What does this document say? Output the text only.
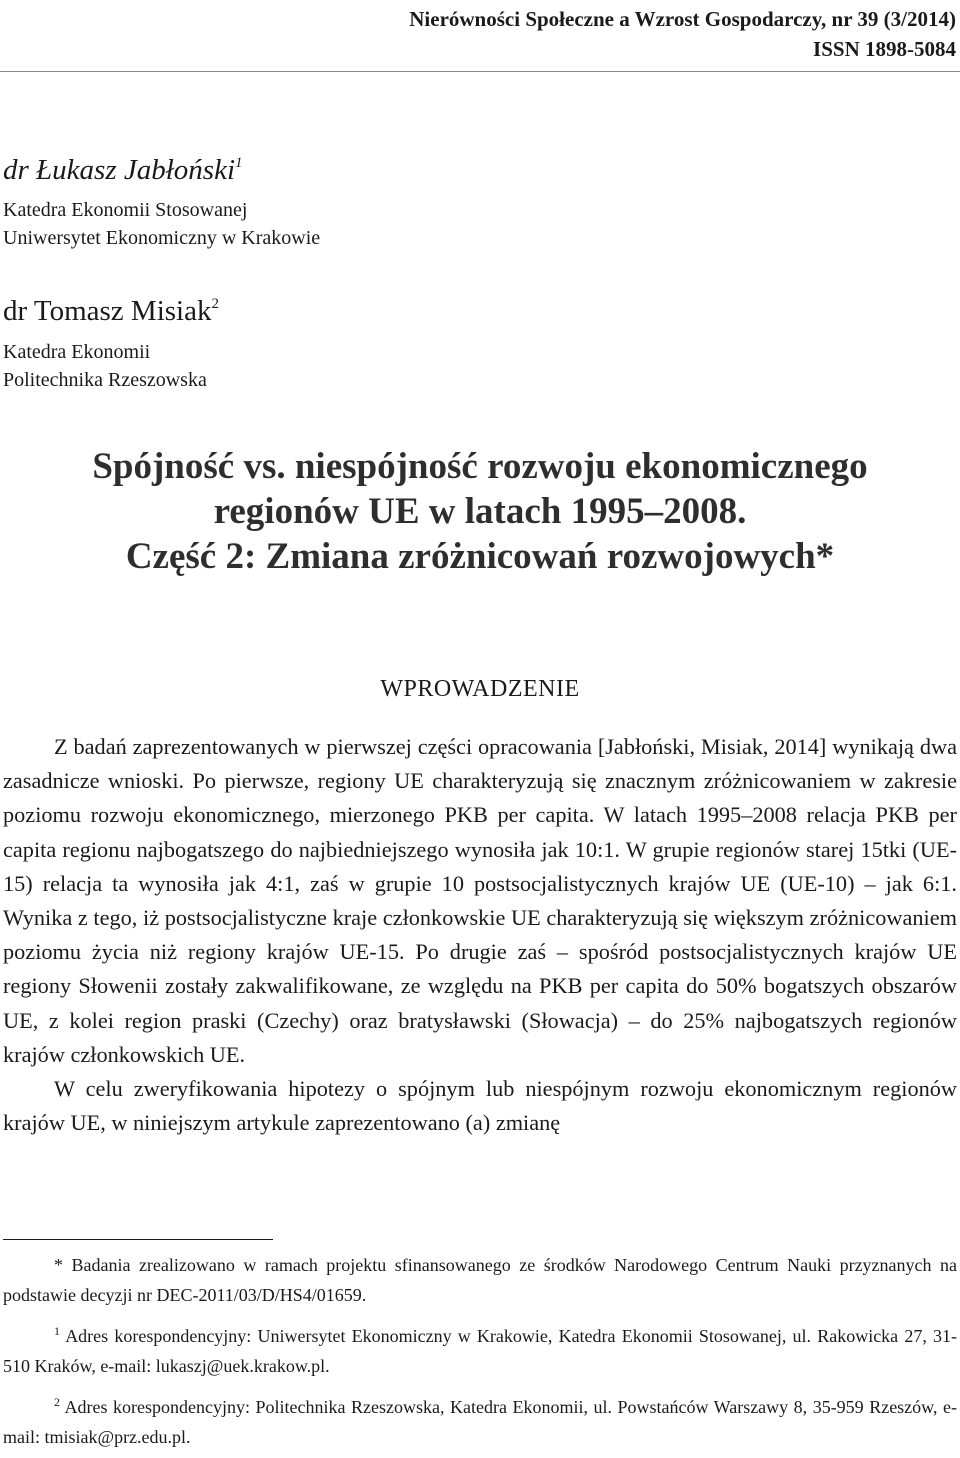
Nierówności Społeczne a Wzrost Gospodarczy, nr 39 (3/2014)
ISSN 1898-5084
dr Łukasz Jabłoński$^1$
Katedra Ekonomii Stosowanej
Uniwersytet Ekonomiczny w Krakowie
dr Tomasz Misiak$^2$
Katedra Ekonomii
Politechnika Rzeszowska
Spójność vs. niespójność rozwoju ekonomicznego
regionów UE w latach 1995–2008.
Część 2: Zmiana zróżnicowań rozwojowych*
WPROWADZENIE

Z badań zaprezentowanych w pierwszej części opracowania [Jabłoński, Misiak, 2014] wynikają dwa zasadnicze wnioski. Po pierwsze, regiony UE charakteryzują się znacznym zróżnicowaniem w zakresie poziomu rozwoju ekonomicznego, mierzonego PKB per capita. W latach 1995–2008 relacja PKB per capita regionu najbogatszego do najbiedniejszego wynosiła jak 10:1. W grupie regionów starej 15tki (UE-15) relacja ta wynosiła jak 4:1, zaś w grupie 10 postsocjalistycznych krajów UE (UE-10) – jak 6:1. Wynika z tego, iż postsocjalistyczne kraje członkowskie UE charakteryzują się większym zróżnicowaniem poziomu życia niż regiony krajów UE-15. Po drugie zaś – spośród postsocjalistycznych krajów UE regiony Słowenii zostały zakwalifikowane, ze względu na PKB per capita do 50% bogatszych obszarów UE, z kolei region praski (Czechy) oraz bratysławski (Słowacja) – do 25% najbogatszych regionów krajów członkowskich UE.

W celu zweryfikowania hipotezy o spójnym lub niespójnym rozwoju ekonomicznym regionów krajów UE, w niniejszym artykule zaprezentowano (a) zmianę

* Badania zrealizowano w ramach projektu sfinansowanego ze środków Narodowego Centrum Nauki przyznanych na podstawie decyzji nr DEC-2011/03/D/HS4/01659.

$^1$ Adres korespondencyjny: Uniwersytet Ekonomiczny w Krakowie, Katedra Ekonomii Stosowanej, ul. Rakowicka 27, 31-510 Kraków, e-mail: lukaszj@uek.krakow.pl.

$^2$ Adres korespondencyjny: Politechnika Rzeszowska, Katedra Ekonomii, ul. Powstańców Warszawy 8, 35-959 Rzeszów, e-mail: tmisiak@prz.edu.pl.
